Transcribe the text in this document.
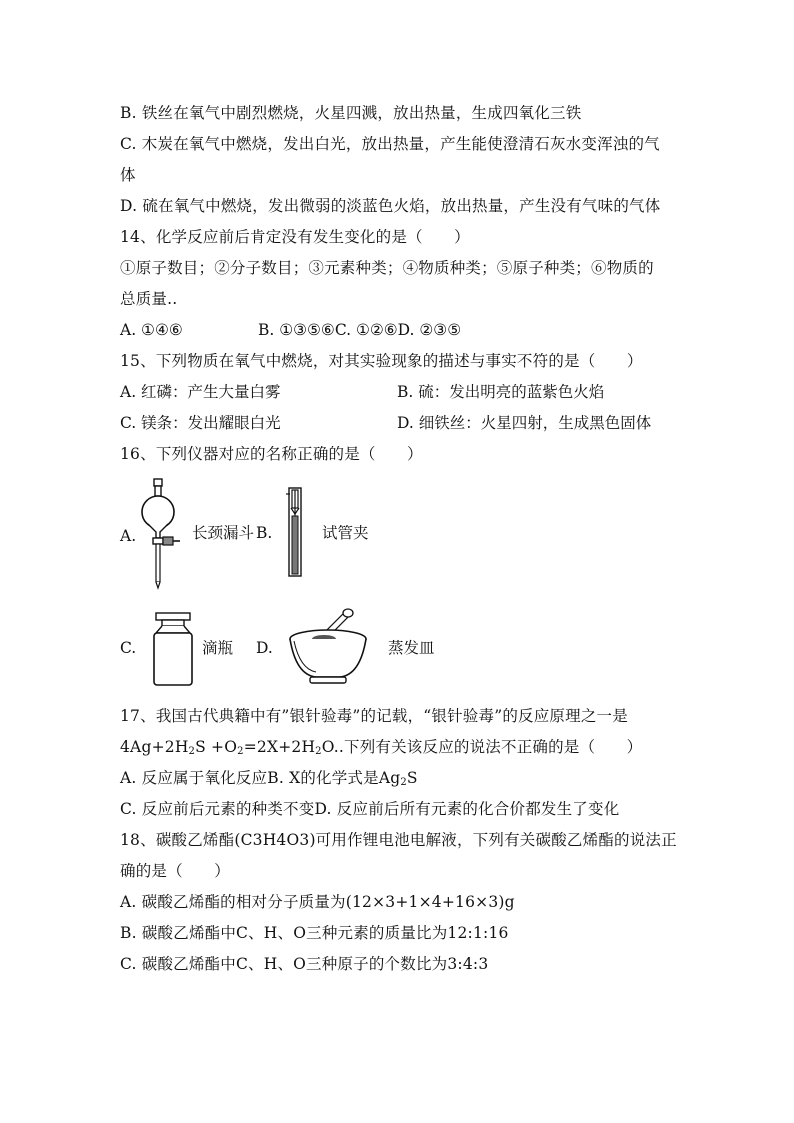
B. 铁丝在氧气中剧烈燃烧，火星四溅，放出热量，生成四氧化三铁
C. 木炭在氧气中燃烧，发出白光，放出热量，产生能使澄清石灰水变浑浊的气
体
D. 硫在氧气中燃烧，发出微弱的淡蓝色火焰，放出热量，产生没有气味的气体
14、化学反应前后肯定没有发生变化的是（　　）
①原子数目；②分子数目；③元素种类；④物质种类；⑤原子种类；⑥物质的
总质量..
A. ①④⑥	B. ①③⑤⑥C. ①②⑥D. ②③⑤
15、下列物质在氧气中燃烧，对其实验现象的描述与事实不符的是（　　）
A. 红磷：产生大量白雾	B. 硫：发出明亮的蓝紫色火焰
C. 镁条：发出耀眼白光	D. 细铁丝：火星四射，生成黑色固体
16、下列仪器对应的名称正确的是（　　）
A.	长颈漏斗 B.	试管夹
C.	滴瓶 D.	蒸发皿
17、我国古代典籍中有”银针验毒”的记载，“银针验毒”的反应原理之一是
$4Ag+2H_2S +O_2=2X+2H_2O$..下列有关该反应的说法不正确的是（　　）
A. 反应属于氧化反应B. X的化学式是$Ag_2S$
C. 反应前后元素的种类不变D. 反应前后所有元素的化合价都发生了变化
18、碳酸乙烯酯(C3H4O3)可用作锂电池电解液，下列有关碳酸乙烯酯的说法正
确的是（　　）
A. 碳酸乙烯酯的相对分子质量为(12×3+1×4+16×3)g
B. 碳酸乙烯酯中C、H、O三种元素的质量比为12:1:16
C. 碳酸乙烯酯中C、H、O三种原子的个数比为3:4:3
